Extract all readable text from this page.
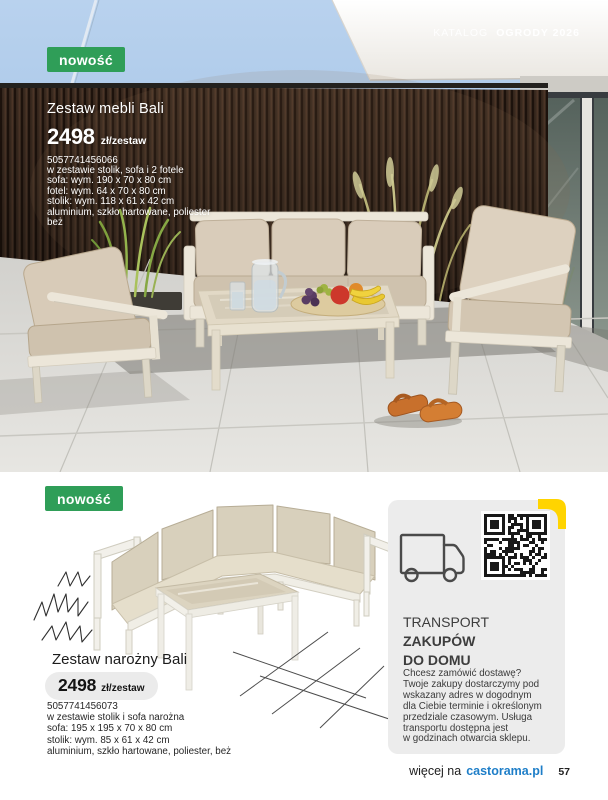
KATALOG OGRODY 2026
nowość
Zestaw mebli Bali
2498 zł/zestaw
5057741456066
w zestawie stolik, sofa i 2 fotele
sofa: wym. 190 x 70 x 80 cm
fotel: wym. 64 x 70 x 80 cm
stolik: wym. 118 x 61 x 42 cm
aluminium, szkło hartowane, poliester
beż
nowość
Zestaw narożny Bali
2498 zł/zestaw
5057741456073
w zestawie stolik i sofa narożna
sofa: 195 x 195 x 70 x 80 cm
stolik: wym. 85 x 61 x 42 cm
aluminium, szkło hartowane, poliester, beż
TRANSPORT
ZAKUPÓW
DO DOMU
Chcesz zamówić dostawę?
Twoje zakupy dostarczymy pod
wskazany adres w dogodnym
dla Ciebie terminie i określonym
przedziale czasowym. Usługa
transportu dostępna jest
w godzinach otwarcia sklepu.
więcej na castorama.pl 57
